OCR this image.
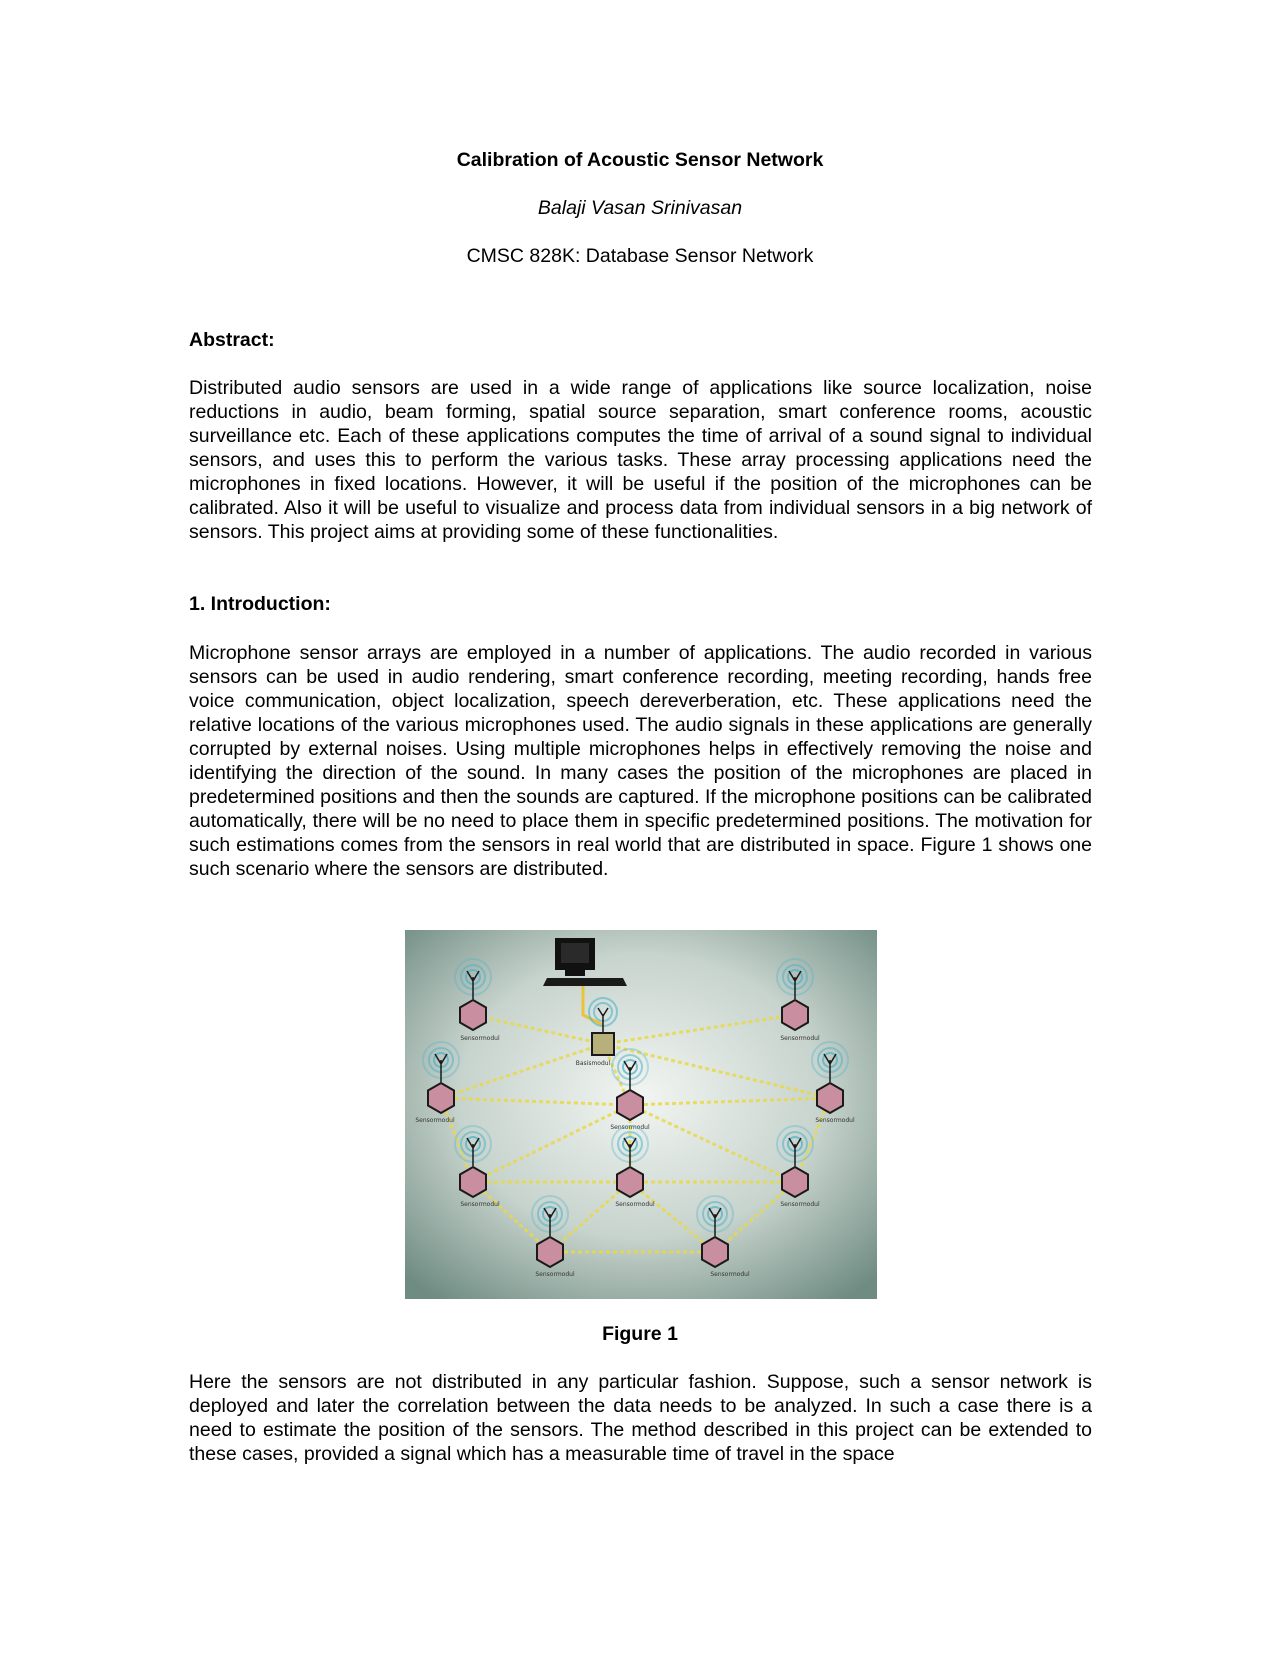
Calibration of Acoustic Sensor Network
Balaji Vasan Srinivasan
CMSC 828K: Database Sensor Network
Abstract:

Distributed audio sensors are used in a wide range of applications like source localization, noise reductions in audio, beam forming, spatial source separation, smart conference rooms, acoustic surveillance etc. Each of these applications computes the time of arrival of a sound signal to individual sensors, and uses this to perform the various tasks. These array processing applications need the microphones in fixed locations. However, it will be useful if the position of the microphones can be calibrated. Also it will be useful to visualize and process data from individual sensors in a big network of sensors. This project aims at providing some of these functionalities.

1. Introduction:

Microphone sensor arrays are employed in a number of applications. The audio recorded in various sensors can be used in audio rendering, smart conference recording, meeting recording, hands free voice communication, object localization, speech dereverberation, etc. These applications need the relative locations of the various microphones used. The audio signals in these applications are generally corrupted by external noises. Using multiple microphones helps in effectively removing the noise and identifying the direction of the sound. In many cases the position of the microphones are placed in predetermined positions and then the sounds are captured. If the microphone positions can be calibrated automatically, there will be no need to place them in specific predetermined positions. The motivation for such estimations comes from the sensors in real world that are distributed in space. Figure 1 shows one such scenario where the sensors are distributed.

Sensormodul
Sensormodul
Sensormodul
Sensormodul
Sensormodul
Sensormodul
Sensormodul
Sensormodul
Sensormodul
Sensormodul
Basismodul
Figure 1

Here the sensors are not distributed in any particular fashion. Suppose, such a sensor network is deployed and later the correlation between the data needs to be analyzed. In such a case there is a need to estimate the position of the sensors. The method described in this project can be extended to these cases, provided a signal which has a measurable time of travel in the space
